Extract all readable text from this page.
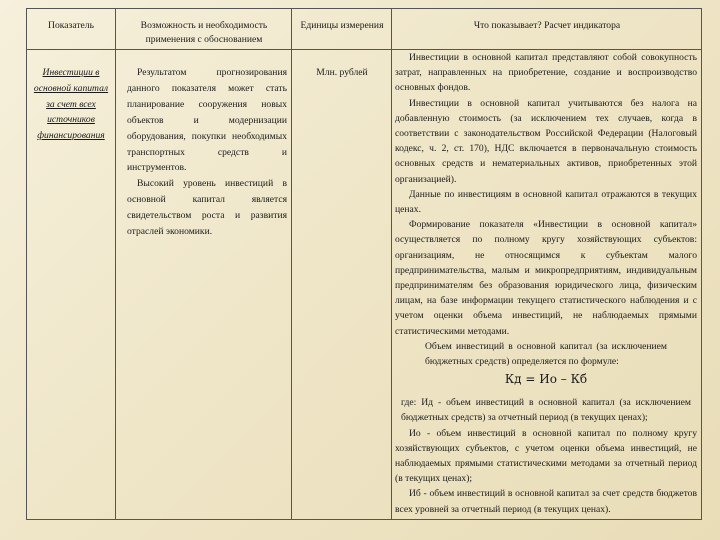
Показатель	Возможность и необходимость применения с обоснованием
Единицы измерения	Что показывает? Расчет индикатора
Инвестиции в основной капитал за счет всех источников финансирования

Результатом прогнозирования данного показателя может стать планирование сооружения новых объектов и модернизации оборудования, покупки необходимых транспортных средств и инструментов.

Высокий уровень инвестиций в основной капитал является свидетельством роста и развития отраслей экономики.

Млн. рублей

Инвестиции в основной капитал представляют собой совокупность затрат, направленных на приобретение, создание и воспроизводство основных фондов.

Инвестиции в основной капитал учитываются без налога на добавленную стоимость (за исключением тех случаев, когда в соответствии с законодательством Российской Федерации (Налоговый кодекс, ч. 2, ст. 170), НДС включается в первоначальную стоимость основных средств и нематериальных активов, приобретенных этой организацией).

Данные по инвестициям в основной капитал отражаются в текущих ценах.

Формирование показателя «Инвестиции в основной капитал» осуществляется по полному кругу хозяйствующих субъектов: организациям, не относящимся к субъектам малого предпринимательства, малым и микропредприятиям, индивидуальным предпринимателям без образования юридического лица, физическим лицам, на базе информации текущего статистического наблюдения и с учетом оценки объема инвестиций, не наблюдаемых прямыми статистическими методами.

Объем инвестиций в основной капитал (за исключением бюджетных средств) определяется по формуле:

Кд = Ио – Кб

где: Ид - объем инвестиций в основной капитал (за исключением бюджетных средств) за отчетный период (в текущих ценах);

Ио - объем инвестиций в основной капитал по полному кругу хозяйствующих субъектов, с учетом оценки объема инвестиций, не наблюдаемых прямыми статистическими методами за отчетный период (в текущих ценах);

Иб - объем инвестиций в основной капитал за счет средств бюджетов всех уровней за отчетный период (в текущих ценах).
